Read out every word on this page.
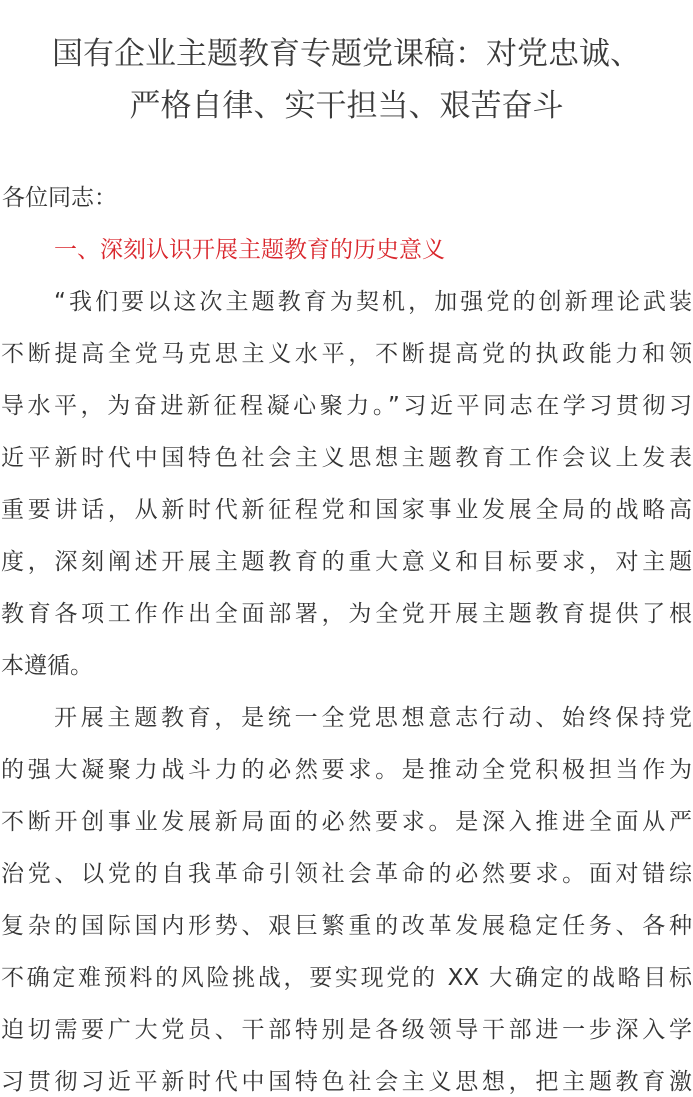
国有企业主题教育专题党课稿：对党忠诚、
严格自律、实干担当、艰苦奋斗

各位同志：

一、深刻认识开展主题教育的历史意义

“我们要以这次主题教育为契机，加强党的创新理论武装
不断提高全党马克思主义水平，不断提高党的执政能力和领
导水平，为奋进新征程凝心聚力。”习近平同志在学习贯彻习
近平新时代中国特色社会主义思想主题教育工作会议上发表
重要讲话，从新时代新征程党和国家事业发展全局的战略高
度，深刻阐述开展主题教育的重大意义和目标要求，对主题
教育各项工作作出全面部署，为全党开展主题教育提供了根
本遵循。
开展主题教育，是统一全党思想意志行动、始终保持党
的强大凝聚力战斗力的必然要求。是推动全党积极担当作为
不断开创事业发展新局面的必然要求。是深入推进全面从严
治党、以党的自我革命引领社会革命的必然要求。面对错综
复杂的国际国内形势、艰巨繁重的改革发展稳定任务、各种
不确定难预料的风险挑战，要实现党的 XX 大确定的战略目标
迫切需要广大党员、干部特别是各级领导干部进一步深入学
习贯彻习近平新时代中国特色社会主义思想，把主题教育激
